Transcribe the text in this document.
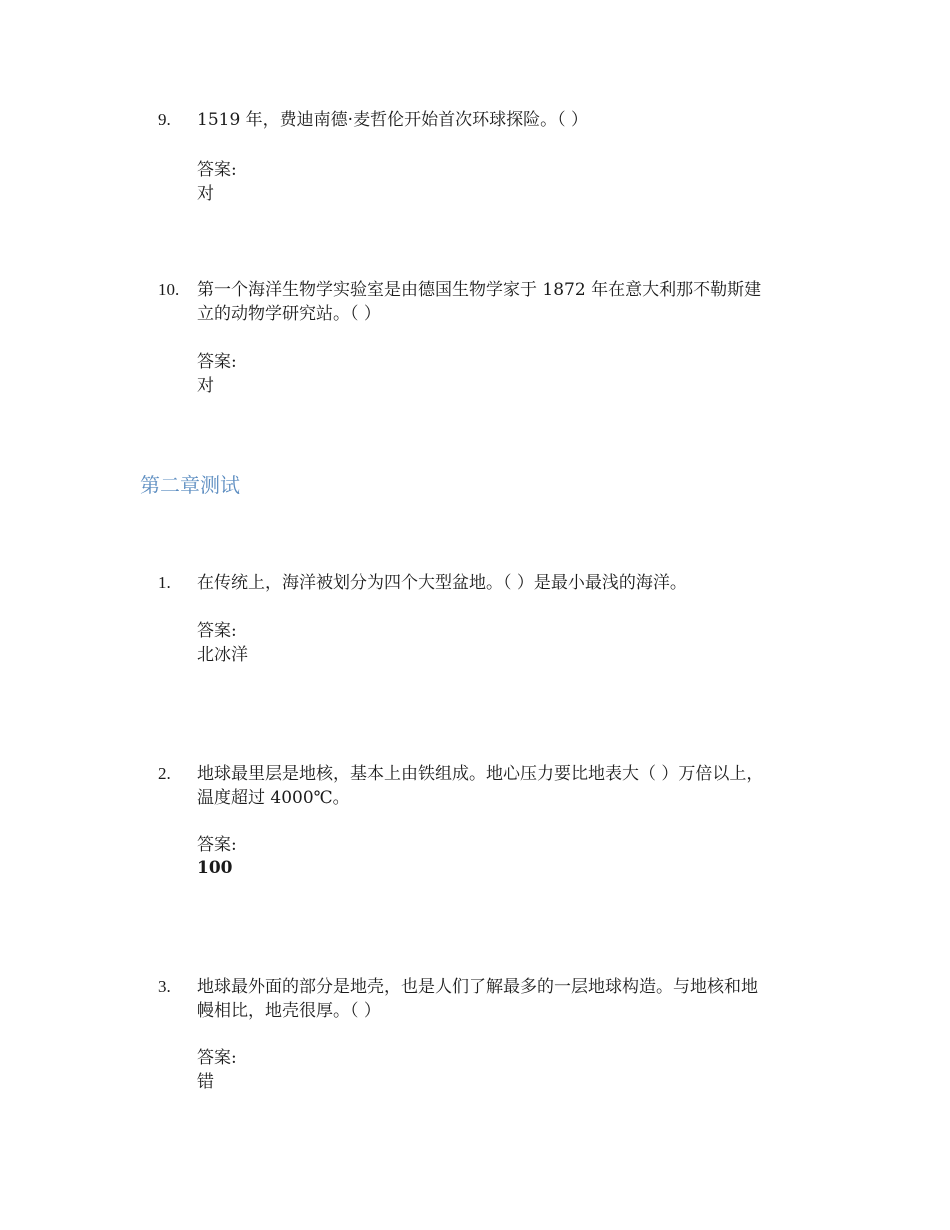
9. 1519 年，费迪南德·麦哲伦开始首次环球探险。（ ）
答案:
对
10. 第一个海洋生物学实验室是由德国生物学家于 1872 年在意大利那不勒斯建
立的动物学研究站。（ ）
答案:
对
第二章测试
1. 在传统上，海洋被划分为四个大型盆地。（ ）是最小最浅的海洋。
答案:
北冰洋
2. 地球最里层是地核，基本上由铁组成。地心压力要比地表大（ ）万倍以上，
温度超过 4000℃。
答案:
100
3. 地球最外面的部分是地壳，也是人们了解最多的一层地球构造。与地核和地
幔相比，地壳很厚。（ ）
答案:
错
